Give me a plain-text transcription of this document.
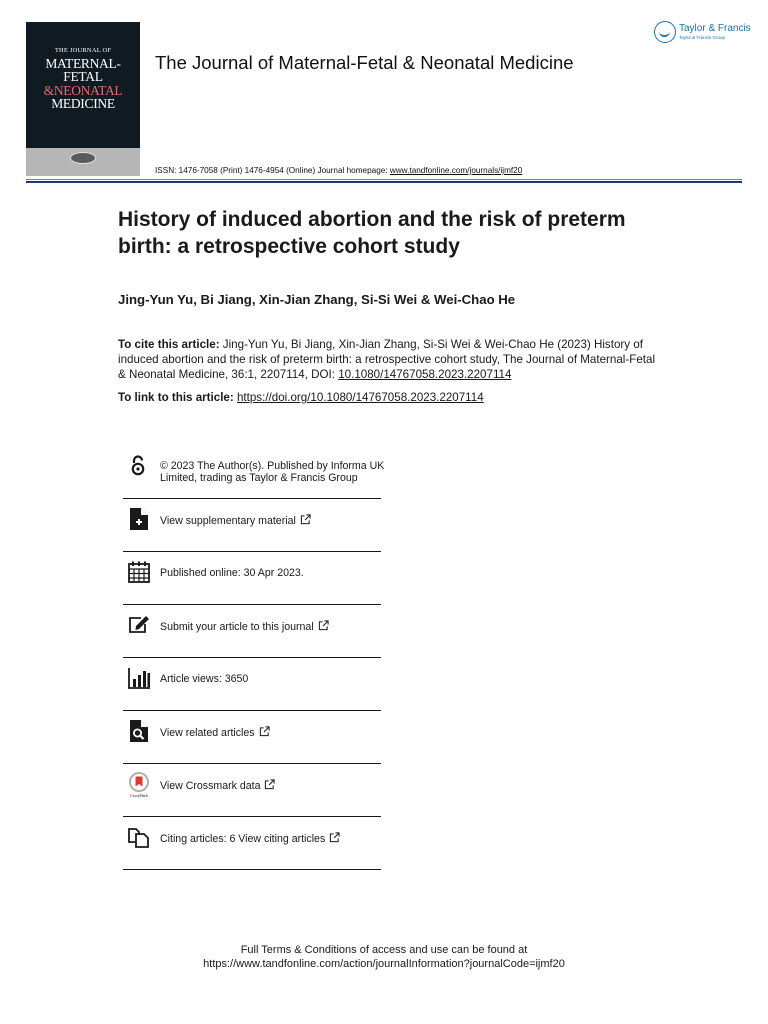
THE JOURNAL OF
MATERNAL-FETAL
&NEONATAL
MEDICINE
The Journal of Maternal-Fetal & Neonatal Medicine
Taylor & Francis
Taylor & Francis Group
ISSN: 1476-7058 (Print) 1476-4954 (Online) Journal homepage: www.tandfonline.com/journals/ijmf20
History of induced abortion and the risk of preterm birth: a retrospective cohort study
Jing-Yun Yu, Bi Jiang, Xin-Jian Zhang, Si-Si Wei & Wei-Chao He
To cite this article: Jing-Yun Yu, Bi Jiang, Xin-Jian Zhang, Si-Si Wei & Wei-Chao He (2023) History of induced abortion and the risk of preterm birth: a retrospective cohort study, The Journal of Maternal-Fetal & Neonatal Medicine, 36:1, 2207114, DOI: 10.1080/14767058.2023.2207114
To link to this article: https://doi.org/10.1080/14767058.2023.2207114
© 2023 The Author(s). Published by Informa UK Limited, trading as Taylor & Francis Group
View supplementary material
Published online: 30 Apr 2023.
Submit your article to this journal
Article views: 3650
View related articles
CrossMark
View Crossmark data
Citing articles: 6 View citing articles
Full Terms & Conditions of access and use can be found at
https://www.tandfonline.com/action/journalInformation?journalCode=ijmf20
